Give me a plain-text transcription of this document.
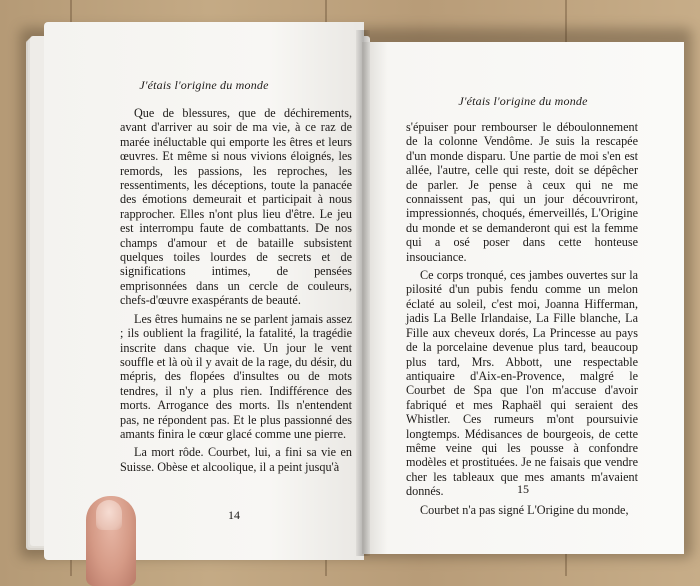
J'étais l'origine du monde

Que de blessures, que de déchirements, avant d'arriver au soir de ma vie, à ce raz de marée inéluctable qui emporte les êtres et leurs œuvres. Et même si nous vivions éloignés, les remords, les passions, les reproches, les ressentiments, les déceptions, toute la panacée des émotions demeurait et participait à nous rapprocher. Elles n'ont plus lieu d'être. Le jeu est interrompu faute de combattants. De nos champs d'amour et de bataille subsistent quelques toiles lourdes de secrets et de significations intimes, de pensées emprisonnées dans un cercle de couleurs, chefs-d'œuvre exaspérants de beauté.

Les êtres humains ne se parlent jamais assez ; ils oublient la fragilité, la fatalité, la tragédie inscrite dans chaque vie. Un jour le vent souffle et là où il y avait de la rage, du désir, du mépris, des flopées d'insultes ou de mots tendres, il n'y a plus rien. Indifférence des morts. Arrogance des morts. Ils n'entendent pas, ne répondent pas. Et le plus passionné des amants finira le cœur glacé comme une pierre.

La mort rôde. Courbet, lui, a fini sa vie en Suisse. Obèse et alcoolique, il a peint jusqu'à

14
J'étais l'origine du monde

s'épuiser pour rembourser le déboulonnement de la colonne Vendôme. Je suis la rescapée d'un monde disparu. Une partie de moi s'en est allée, l'autre, celle qui reste, doit se dépêcher de parler. Je pense à ceux qui ne me connaissent pas, qui un jour découvriront, impressionnés, choqués, émerveillés, L'Origine du monde et se demanderont qui est la femme qui a osé poser dans cette honteuse insouciance.

Ce corps tronqué, ces jambes ouvertes sur la pilosité d'un pubis fendu comme un melon éclaté au soleil, c'est moi, Joanna Hifferman, jadis La Belle Irlandaise, La Fille blanche, La Fille aux cheveux dorés, La Princesse au pays de la porcelaine devenue plus tard, beaucoup plus tard, Mrs. Abbott, une respectable antiquaire d'Aix-en-Provence, malgré le Courbet de Spa que l'on m'accuse d'avoir fabriqué et mes Raphaël qui seraient des Whistler. Ces rumeurs m'ont poursuivie longtemps. Médisances de bourgeois, de cette même veine qui les pousse à confondre modèles et prostituées. Je ne faisais que vendre cher les tableaux que mes amants m'avaient donnés.

Courbet n'a pas signé L'Origine du monde,

15
